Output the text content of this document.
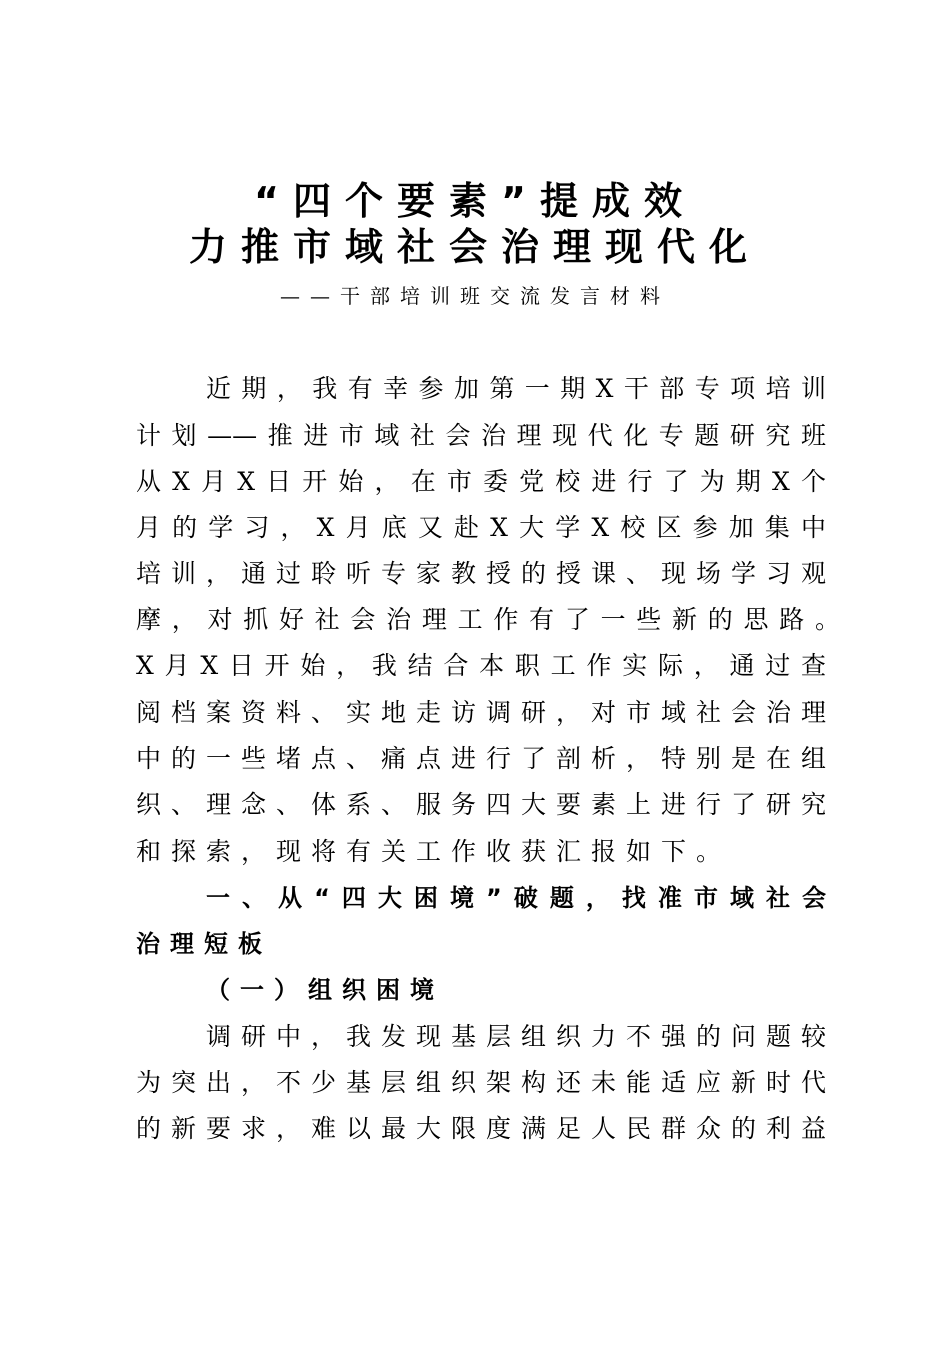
“四个要素”提成效
力推市域社会治理现代化
——干部培训班交流发言材料
近期，我有幸参加第一期X干部专项培训
计划——推进市域社会治理现代化专题研究班
从X月X日开始，在市委党校进行了为期X个
月的学习，X月底又赴X大学X校区参加集中
培训，通过聆听专家教授的授课、现场学习观
摩，对抓好社会治理工作有了一些新的思路。
X月X日开始，我结合本职工作实际，通过查
阅档案资料、实地走访调研，对市域社会治理
中的一些堵点、痛点进行了剖析，特别是在组
织、理念、体系、服务四大要素上进行了研究
和探索，现将有关工作收获汇报如下。
一、从“四大困境”破题，找准市域社会
治理短板
（一）组织困境
调研中，我发现基层组织力不强的问题较
为突出，不少基层组织架构还未能适应新时代
的新要求，难以最大限度满足人民群众的利益
